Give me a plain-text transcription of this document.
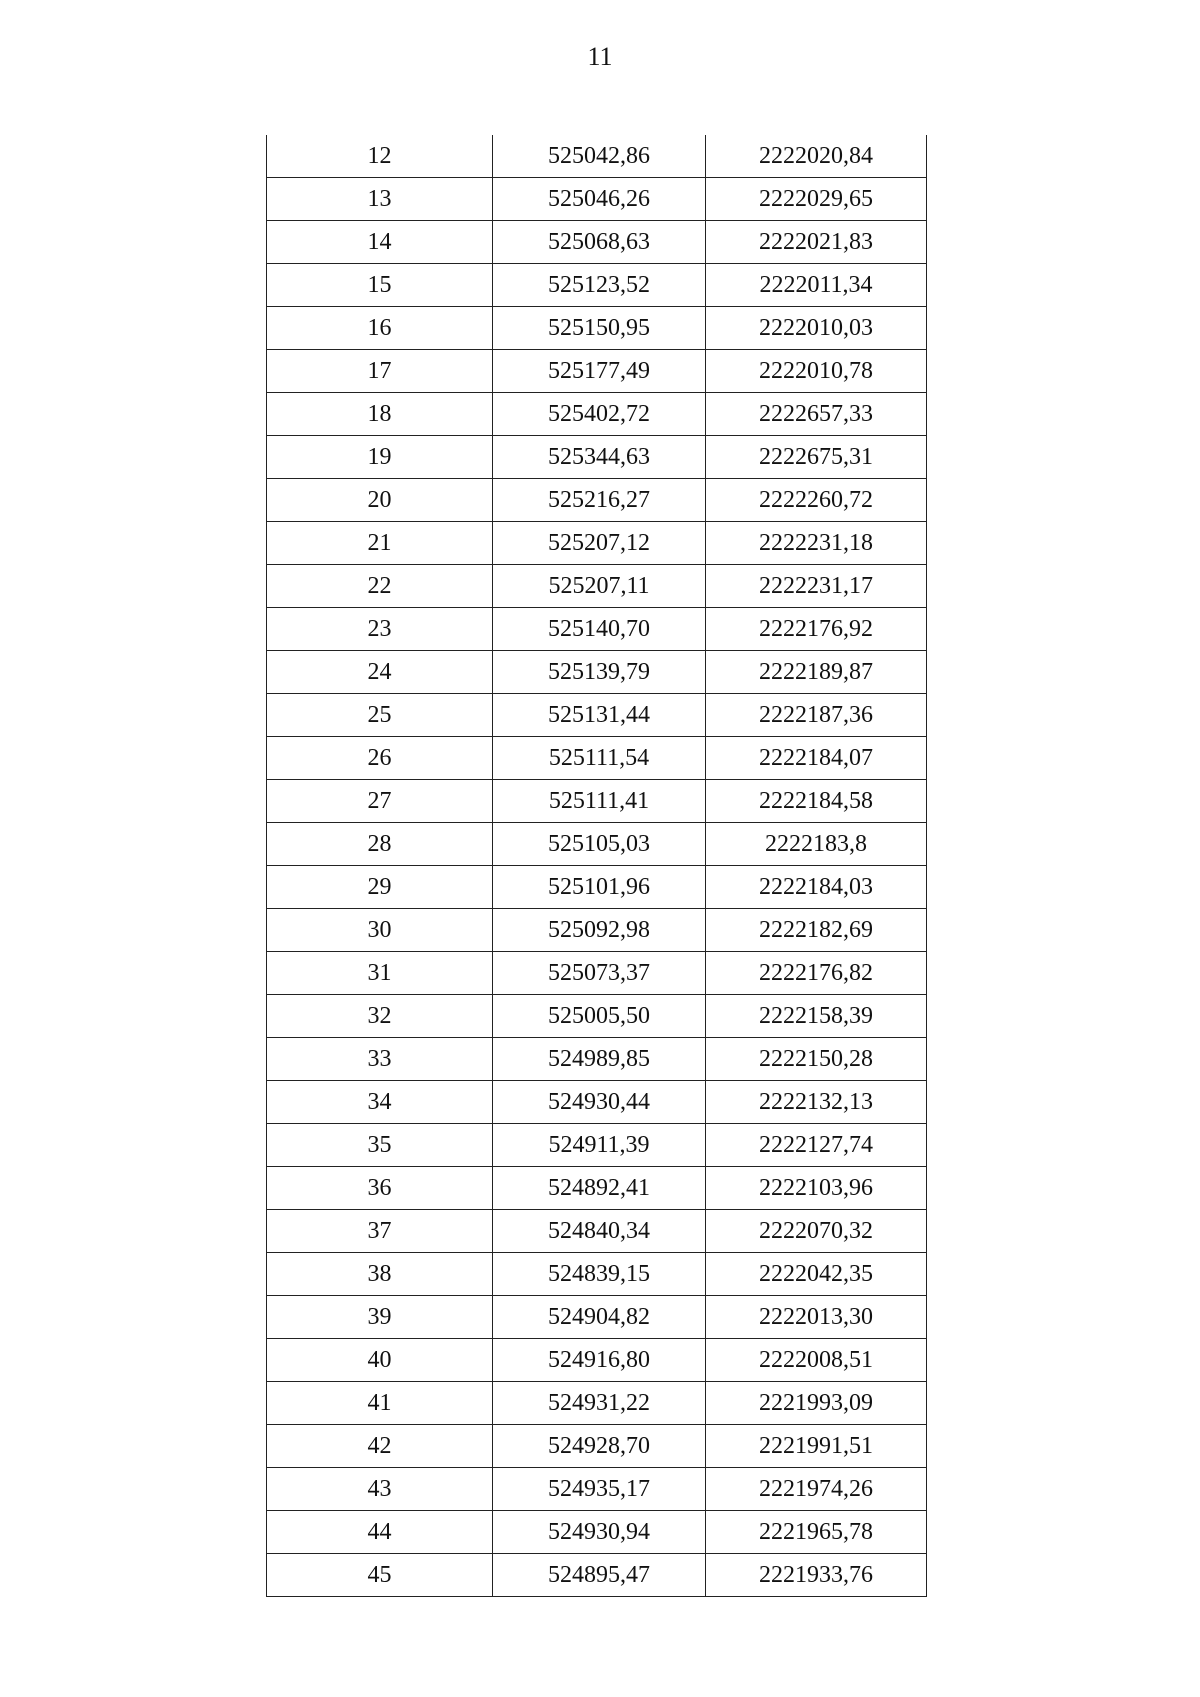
11
12	525042,86	2222020,84
13	525046,26	2222029,65
14	525068,63	2222021,83
15	525123,52	2222011,34
16	525150,95	2222010,03
17	525177,49	2222010,78
18	525402,72	2222657,33
19	525344,63	2222675,31
20	525216,27	2222260,72
21	525207,12	2222231,18
22	525207,11	2222231,17
23	525140,70	2222176,92
24	525139,79	2222189,87
25	525131,44	2222187,36
26	525111,54	2222184,07
27	525111,41	2222184,58
28	525105,03	2222183,8
29	525101,96	2222184,03
30	525092,98	2222182,69
31	525073,37	2222176,82
32	525005,50	2222158,39
33	524989,85	2222150,28
34	524930,44	2222132,13
35	524911,39	2222127,74
36	524892,41	2222103,96
37	524840,34	2222070,32
38	524839,15	2222042,35
39	524904,82	2222013,30
40	524916,80	2222008,51
41	524931,22	2221993,09
42	524928,70	2221991,51
43	524935,17	2221974,26
44	524930,94	2221965,78
45	524895,47	2221933,76
